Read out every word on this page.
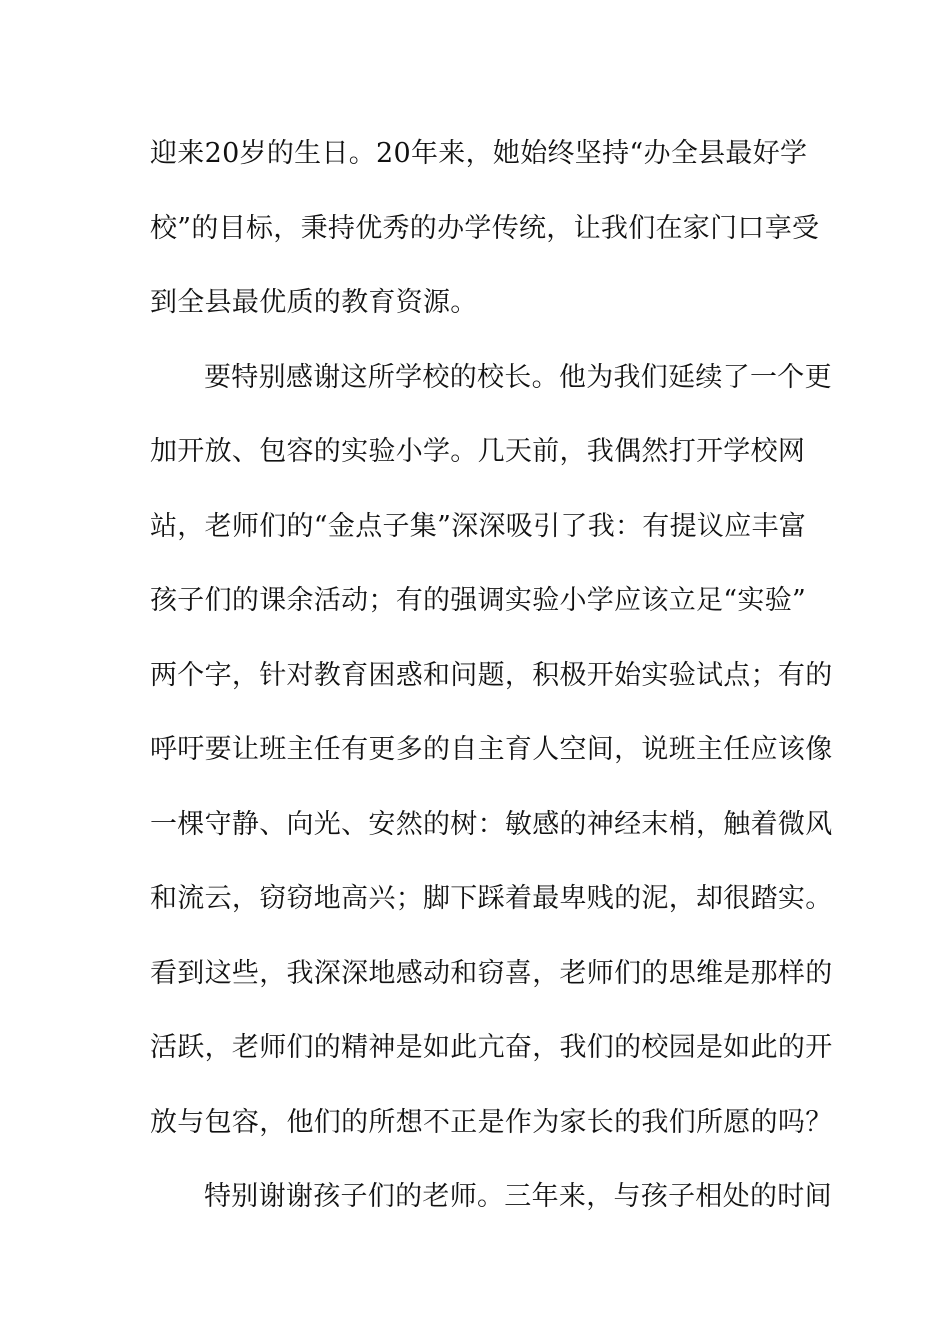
迎来20岁的生日。20年来，她始终坚持“办全县最好学
校”的目标，秉持优秀的办学传统，让我们在家门口享受
到全县最优质的教育资源。
要特别感谢这所学校的校长。他为我们延续了一个更
加开放、包容的实验小学。几天前，我偶然打开学校网
站，老师们的“金点子集”深深吸引了我：有提议应丰富
孩子们的课余活动；有的强调实验小学应该立足“实验”
两个字，针对教育困惑和问题，积极开始实验试点；有的
呼吁要让班主任有更多的自主育人空间，说班主任应该像
一棵守静、向光、安然的树：敏感的神经末梢，触着微风
和流云，窃窃地高兴；脚下踩着最卑贱的泥，却很踏实。
看到这些，我深深地感动和窃喜，老师们的思维是那样的
活跃，老师们的精神是如此亢奋，我们的校园是如此的开
放与包容，他们的所想不正是作为家长的我们所愿的吗？
特别谢谢孩子们的老师。三年来，与孩子相处的时间
